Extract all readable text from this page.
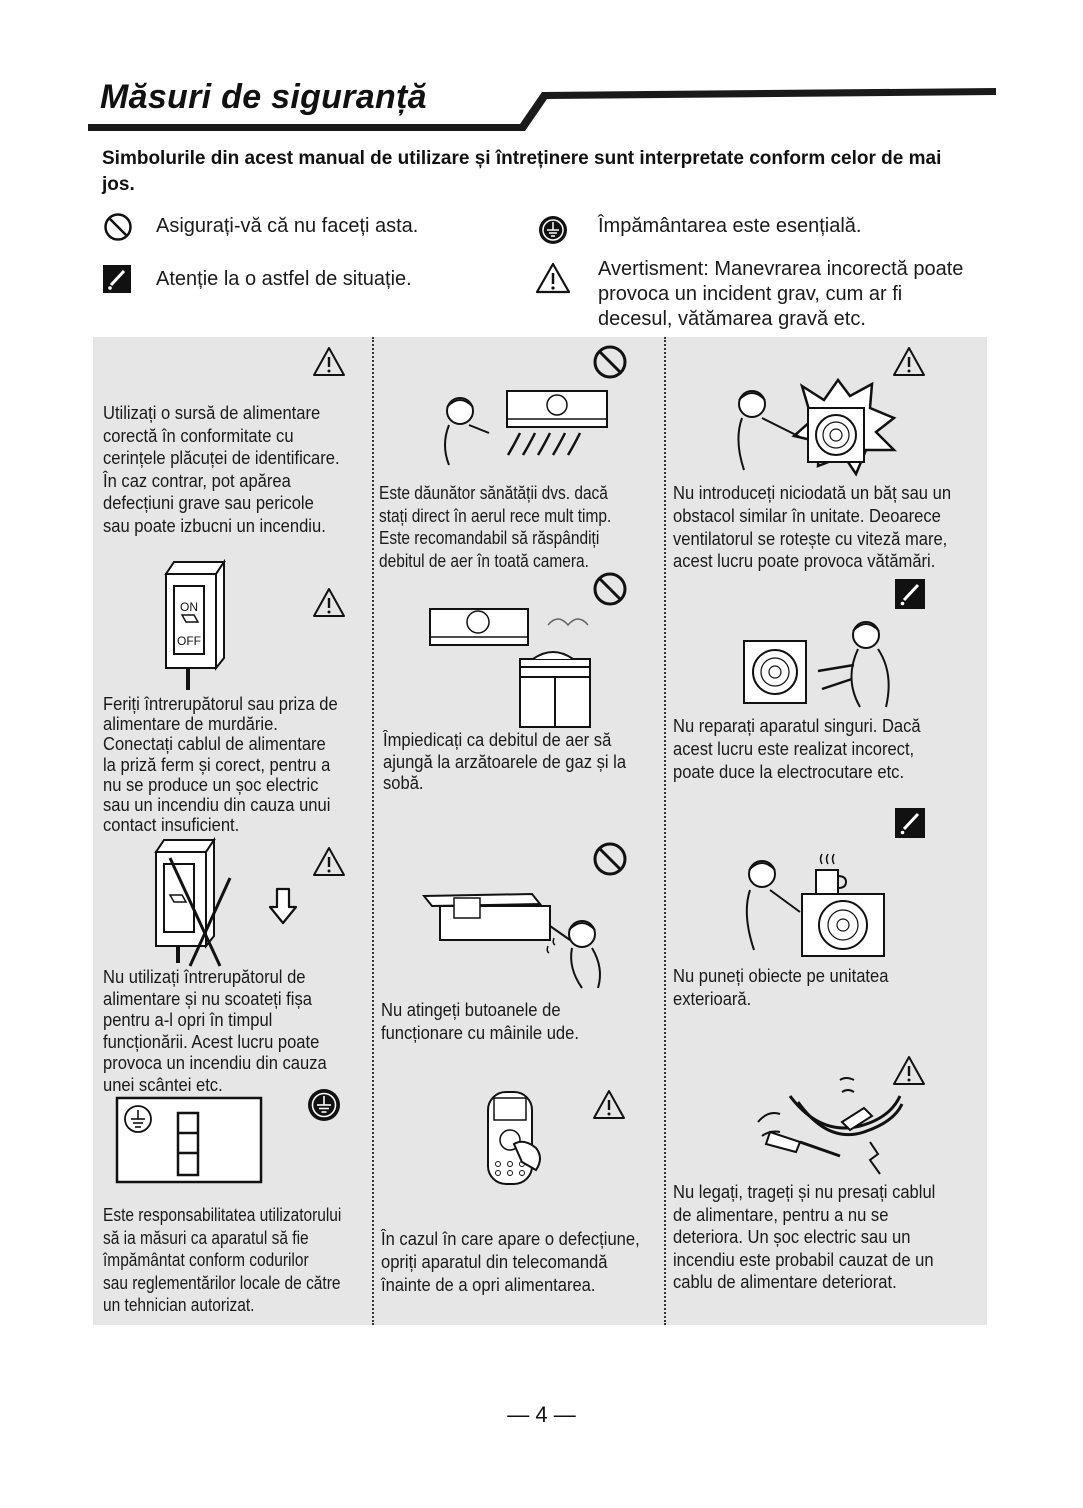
Măsuri de siguranță
Simbolurile din acest manual de utilizare și întreținere sunt interpretate conform celor de mai jos.
Asigurați-vă că nu faceți asta.
Atenție la o astfel de situație.
Împământarea este esențială.
Avertisment: Manevrarea incorectă poate
provoca un incident grav, cum ar fi
decesul, vătămarea gravă etc.
Utilizați o sursă de alimentare
corectă în conformitate cu
cerințele plăcuței de identificare.
În caz contrar, pot apărea
defecțiuni grave sau pericole
sau poate izbucni un incendiu.
ON
OFF
Feriți întrerupătorul sau priza de
alimentare de murdărie.
Conectați cablul de alimentare
la priză ferm și corect, pentru a
nu se produce un șoc electric
sau un incendiu din cauza unui
contact insuficient.
Nu utilizați întrerupătorul de
alimentare și nu scoateți fișa
pentru a-l opri în timpul
funcționării. Acest lucru poate
provoca un incendiu din cauza
unei scântei etc.
Este responsabilitatea utilizatorului
să ia măsuri ca aparatul să fie
împământat conform codurilor
sau reglementărilor locale de către
un tehnician autorizat.
Este dăunător sănătății dvs. dacă
stați direct în aerul rece mult timp.
Este recomandabil să răspândiți
debitul de aer în toată camera.
Împiedicați ca debitul de aer să
ajungă la arzătoarele de gaz și la
sobă.
Nu atingeți butoanele de
funcționare cu mâinile ude.
În cazul în care apare o defecțiune,
opriți aparatul din telecomandă
înainte de a opri alimentarea.
Nu introduceți niciodată un băț sau un
obstacol similar în unitate. Deoarece
ventilatorul se rotește cu viteză mare,
acest lucru poate provoca vătămări.
Nu reparați aparatul singuri. Dacă
acest lucru este realizat incorect,
poate duce la electrocutare etc.
Nu puneți obiecte pe unitatea
exterioară.
Nu legați, trageți și nu presați cablul
de alimentare, pentru a nu se
deteriora. Un șoc electric sau un
incendiu este probabil cauzat de un
cablu de alimentare deteriorat.
— 4 —
